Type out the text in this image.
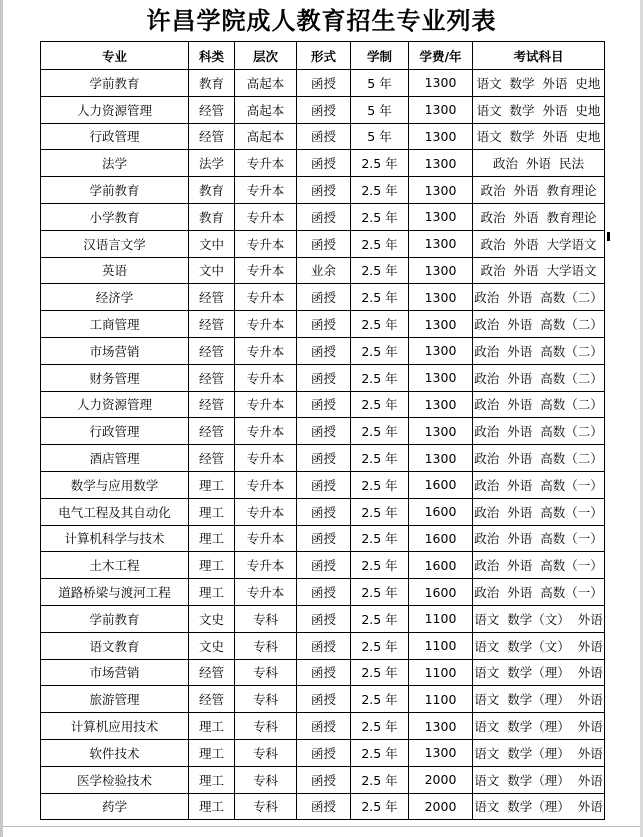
许昌学院成人教育招生专业列表
专业	科类	层次	形式	学制	学费/年	考试科目
学前教育	教育	高起本	函授	5 年	1300	语文  数学  外语  史地
人力资源管理	经管	高起本	函授	5 年	1300	语文  数学  外语  史地
行政管理	经管	高起本	函授	5 年	1300	语文  数学  外语  史地
法学	法学	专升本	函授	2.5 年	1300	政治  外语  民法
学前教育	教育	专升本	函授	2.5 年	1300	政治  外语  教育理论
小学教育	教育	专升本	函授	2.5 年	1300	政治  外语  教育理论
汉语言文学	文中	专升本	函授	2.5 年	1300	政治  外语  大学语文
英语	文中	专升本	业余	2.5 年	1300	政治  外语  大学语文
经济学	经管	专升本	函授	2.5 年	1300	政治  外语  高数（二）
工商管理	经管	专升本	函授	2.5 年	1300	政治  外语  高数（二）
市场营销	经管	专升本	函授	2.5 年	1300	政治  外语  高数（二）
财务管理	经管	专升本	函授	2.5 年	1300	政治  外语  高数（二）
人力资源管理	经管	专升本	函授	2.5 年	1300	政治  外语  高数（二）
行政管理	经管	专升本	函授	2.5 年	1300	政治  外语  高数（二）
酒店管理	经管	专升本	函授	2.5 年	1300	政治  外语  高数（二）
数学与应用数学	理工	专升本	函授	2.5 年	1600	政治  外语  高数（一）
电气工程及其自动化	理工	专升本	函授	2.5 年	1600	政治  外语  高数（一）
计算机科学与技术	理工	专升本	函授	2.5 年	1600	政治  外语  高数（一）
土木工程	理工	专升本	函授	2.5 年	1600	政治  外语  高数（一）
道路桥梁与渡河工程	理工	专升本	函授	2.5 年	1600	政治  外语  高数（一）
学前教育	文史	专科	函授	2.5 年	1100	语文  数学（文）  外语
语文教育	文史	专科	函授	2.5 年	1100	语文  数学（文）  外语
市场营销	经管	专科	函授	2.5 年	1100	语文  数学（理）  外语
旅游管理	经管	专科	函授	2.5 年	1100	语文  数学（理）  外语
计算机应用技术	理工	专科	函授	2.5 年	1300	语文  数学（理）  外语
软件技术	理工	专科	函授	2.5 年	1300	语文  数学（理）  外语
医学检验技术	理工	专科	函授	2.5 年	2000	语文  数学（理）  外语
药学	理工	专科	函授	2.5 年	2000	语文  数学（理）  外语
